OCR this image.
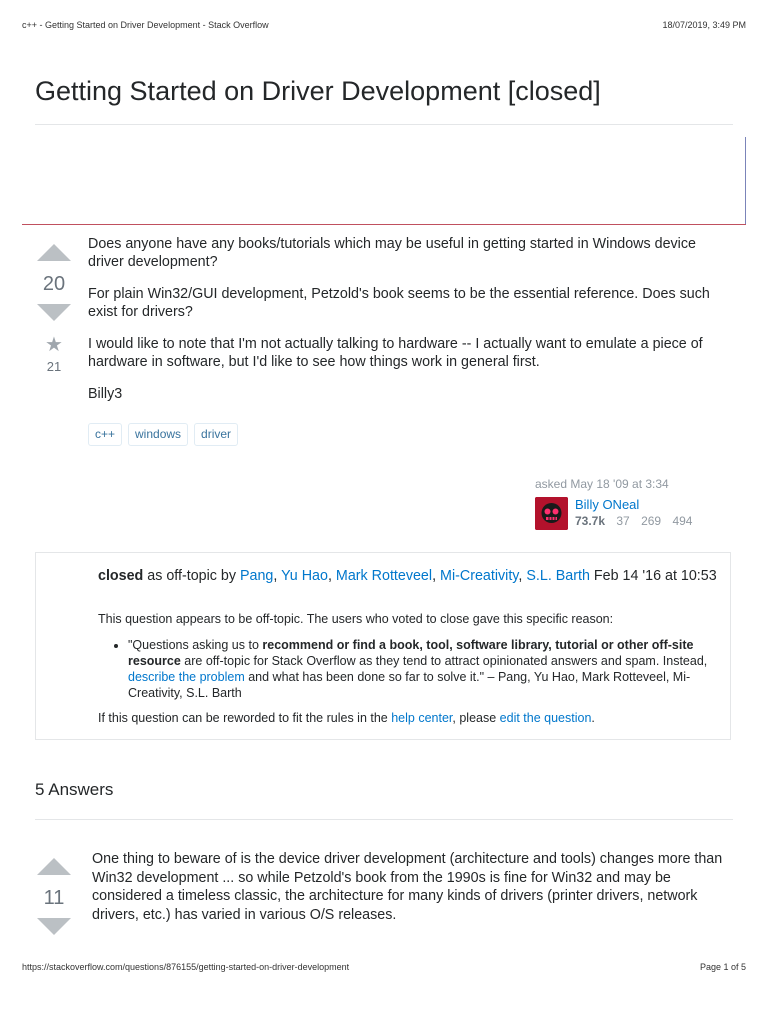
c++ - Getting Started on Driver Development - Stack Overflow	18/07/2019, 3:49 PM
Getting Started on Driver Development [closed]
20
★
21

Does anyone have any books/tutorials which may be useful in getting started in Windows device driver development?

For plain Win32/GUI development, Petzold's book seems to be the essential reference. Does such exist for drivers?

I would like to note that I'm not actually talking to hardware -- I actually want to emulate a piece of hardware in software, but I'd like to see how things work in general first.

Billy3

c++	windows	driver
asked May 18 '09 at 3:34
Billy ONeal
73.7k 37 269 494
closed as off-topic by Pang, Yu Hao, Mark Rotteveel, Mi-Creativity, S.L. Barth Feb 14 '16 at 10:53
This question appears to be off-topic. The users who voted to close gave this specific reason:
• "Questions asking us to recommend or find a book, tool, software library, tutorial or other off-site resource are off-topic for Stack Overflow as they tend to attract opinionated answers and spam. Instead, describe the problem and what has been done so far to solve it." – Pang, Yu Hao, Mark Rotteveel, Mi-Creativity, S.L. Barth
If this question can be reworded to fit the rules in the help center, please edit the question.
5 Answers
11
One thing to beware of is the device driver development (architecture and tools) changes more than Win32 development ... so while Petzold's book from the 1990s is fine for Win32 and may be considered a timeless classic, the architecture for many kinds of drivers (printer drivers, network drivers, etc.) has varied in various O/S releases.
https://stackoverflow.com/questions/876155/getting-started-on-driver-development	Page 1 of 5
